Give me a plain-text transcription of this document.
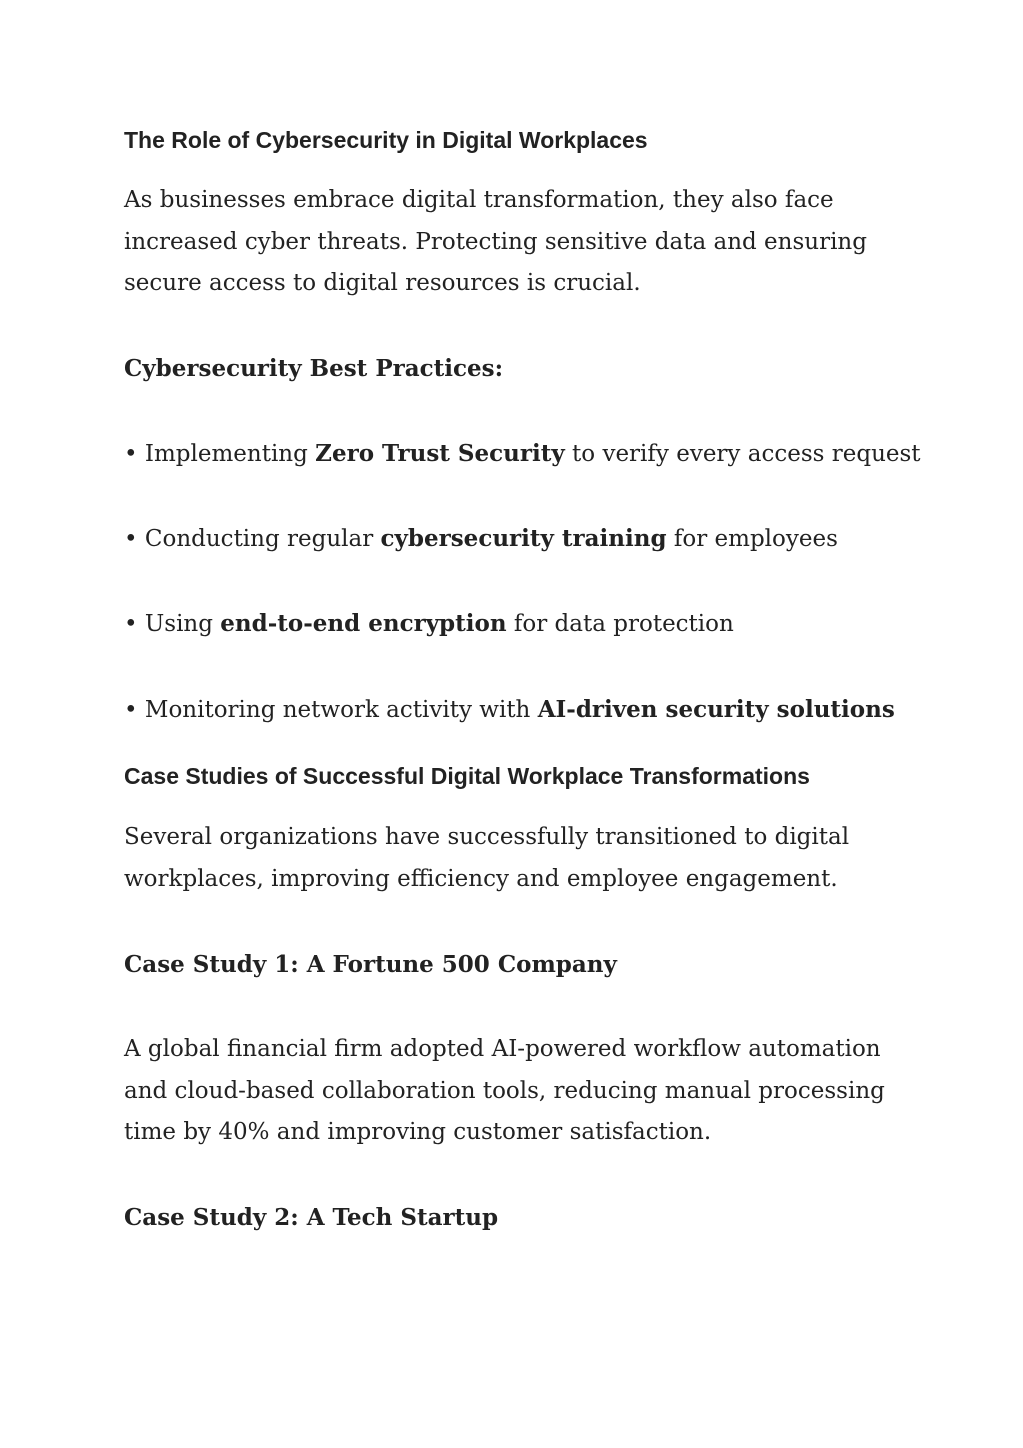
The Role of Cybersecurity in Digital Workplaces

As businesses embrace digital transformation, they also face
increased cyber threats. Protecting sensitive data and ensuring
secure access to digital resources is crucial.

Cybersecurity Best Practices:

• Implementing Zero Trust Security to verify every access request

• Conducting regular cybersecurity training for employees

• Using end-to-end encryption for data protection

• Monitoring network activity with AI-driven security solutions

Case Studies of Successful Digital Workplace Transformations

Several organizations have successfully transitioned to digital
workplaces, improving efficiency and employee engagement.

Case Study 1: A Fortune 500 Company

A global financial firm adopted AI-powered workflow automation
and cloud-based collaboration tools, reducing manual processing
time by 40% and improving customer satisfaction.

Case Study 2: A Tech Startup
